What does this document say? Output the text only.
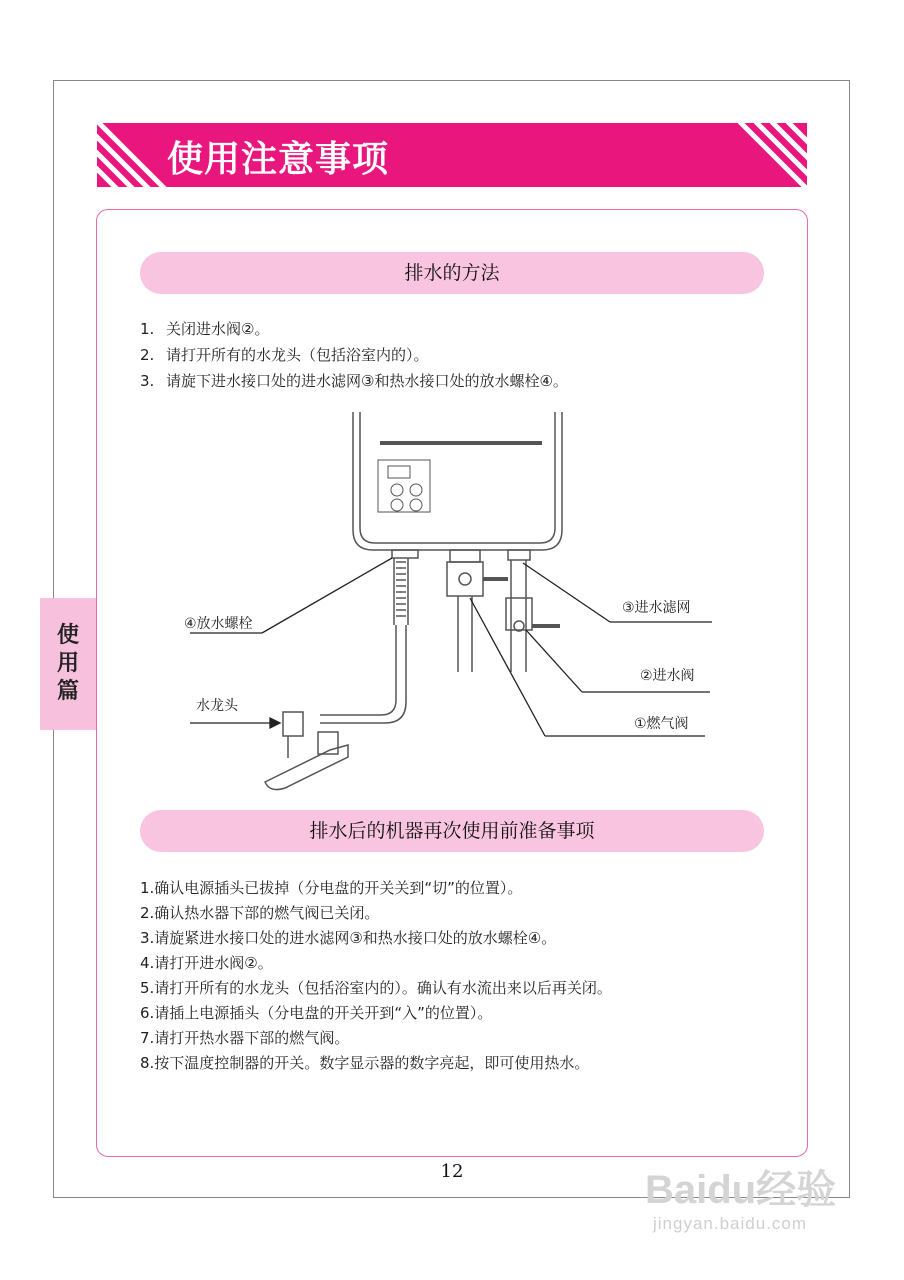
使用注意事项
使
用
篇
排水的方法
1. 关闭进水阀②。
2. 请打开所有的水龙头（包括浴室内的）。
3. 请旋下进水接口处的进水滤网③和热水接口处的放水螺栓④。
④放水螺栓
水龙头
③进水滤网
②进水阀
①燃气阀
排水后的机器再次使用前准备事项
1.确认电源插头已拔掉（分电盘的开关关到“切”的位置）。
2.确认热水器下部的燃气阀已关闭。
3.请旋紧进水接口处的进水滤网③和热水接口处的放水螺栓④。
4.请打开进水阀②。
5.请打开所有的水龙头（包括浴室内的）。确认有水流出来以后再关闭。
6.请插上电源插头（分电盘的开关开到“入”的位置）。
7.请打开热水器下部的燃气阀。
8.按下温度控制器的开关。数字显示器的数字亮起，即可使用热水。
12	Baidu经验
jingyan.baidu.com
